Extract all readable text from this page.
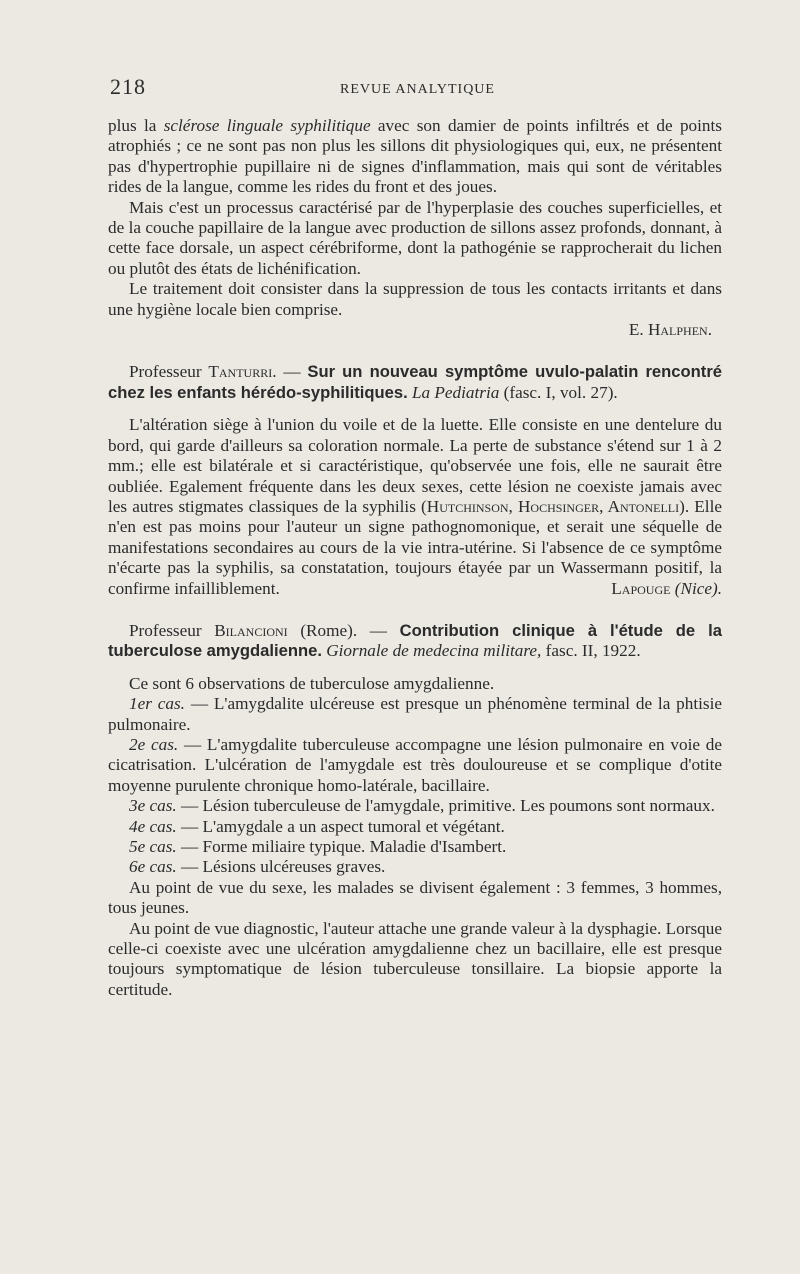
218	REVUE ANALYTIQUE

plus la sclérose linguale syphilitique avec son damier de points infiltrés et de points atrophiés ; ce ne sont pas non plus les sillons dit physiologiques qui, eux, ne présentent pas d'hypertrophie pupillaire ni de signes d'inflammation, mais qui sont de véritables rides de la langue, comme les rides du front et des joues.

Mais c'est un processus caractérisé par de l'hyperplasie des couches superficielles, et de la couche papillaire de la langue avec production de sillons assez profonds, donnant, à cette face dorsale, un aspect cérébriforme, dont la pathogénie se rapprocherait du lichen ou plutôt des états de lichénification.

Le traitement doit consister dans la suppression de tous les contacts irritants et dans une hygiène locale bien comprise.

E. Halphen.

Professeur Tanturri. — Sur un nouveau symptôme uvulo-palatin rencontré chez les enfants hérédo-syphilitiques. La Pediatria (fasc. I, vol. 27).

L'altération siège à l'union du voile et de la luette. Elle consiste en une dentelure du bord, qui garde d'ailleurs sa coloration normale. La perte de substance s'étend sur 1 à 2 mm.; elle est bilatérale et si caractéristique, qu'observée une fois, elle ne saurait être oubliée. Egalement fréquente dans les deux sexes, cette lésion ne coexiste jamais avec les autres stigmates classiques de la syphilis (Hutchinson, Hochsinger, Antonelli). Elle n'en est pas moins pour l'auteur un signe pathognomonique, et serait une séquelle de manifestations secondaires au cours de la vie intra-utérine. Si l'absence de ce symptôme n'écarte pas la syphilis, sa constatation, toujours étayée par un Wassermann positif, la confirme infailliblement.	Lapouge (Nice).

Professeur Bilancioni (Rome). — Contribution clinique à l'étude de la tuberculose amygdalienne. Giornale de medecina militare, fasc. II, 1922.

Ce sont 6 observations de tuberculose amygdalienne.

1er cas. — L'amygdalite ulcéreuse est presque un phénomène terminal de la phtisie pulmonaire.

2e cas. — L'amygdalite tuberculeuse accompagne une lésion pulmonaire en voie de cicatrisation. L'ulcération de l'amygdale est très douloureuse et se complique d'otite moyenne purulente chronique homo-latérale, bacillaire.

3e cas. — Lésion tuberculeuse de l'amygdale, primitive. Les poumons sont normaux.

4e cas. — L'amygdale a un aspect tumoral et végétant.

5e cas. — Forme miliaire typique. Maladie d'Isambert.

6e cas. — Lésions ulcéreuses graves.

Au point de vue du sexe, les malades se divisent également : 3 femmes, 3 hommes, tous jeunes.

Au point de vue diagnostic, l'auteur attache une grande valeur à la dysphagie. Lorsque celle-ci coexiste avec une ulcération amygdalienne chez un bacillaire, elle est presque toujours symptomatique de lésion tuberculeuse tonsillaire. La biopsie apporte la certitude.
